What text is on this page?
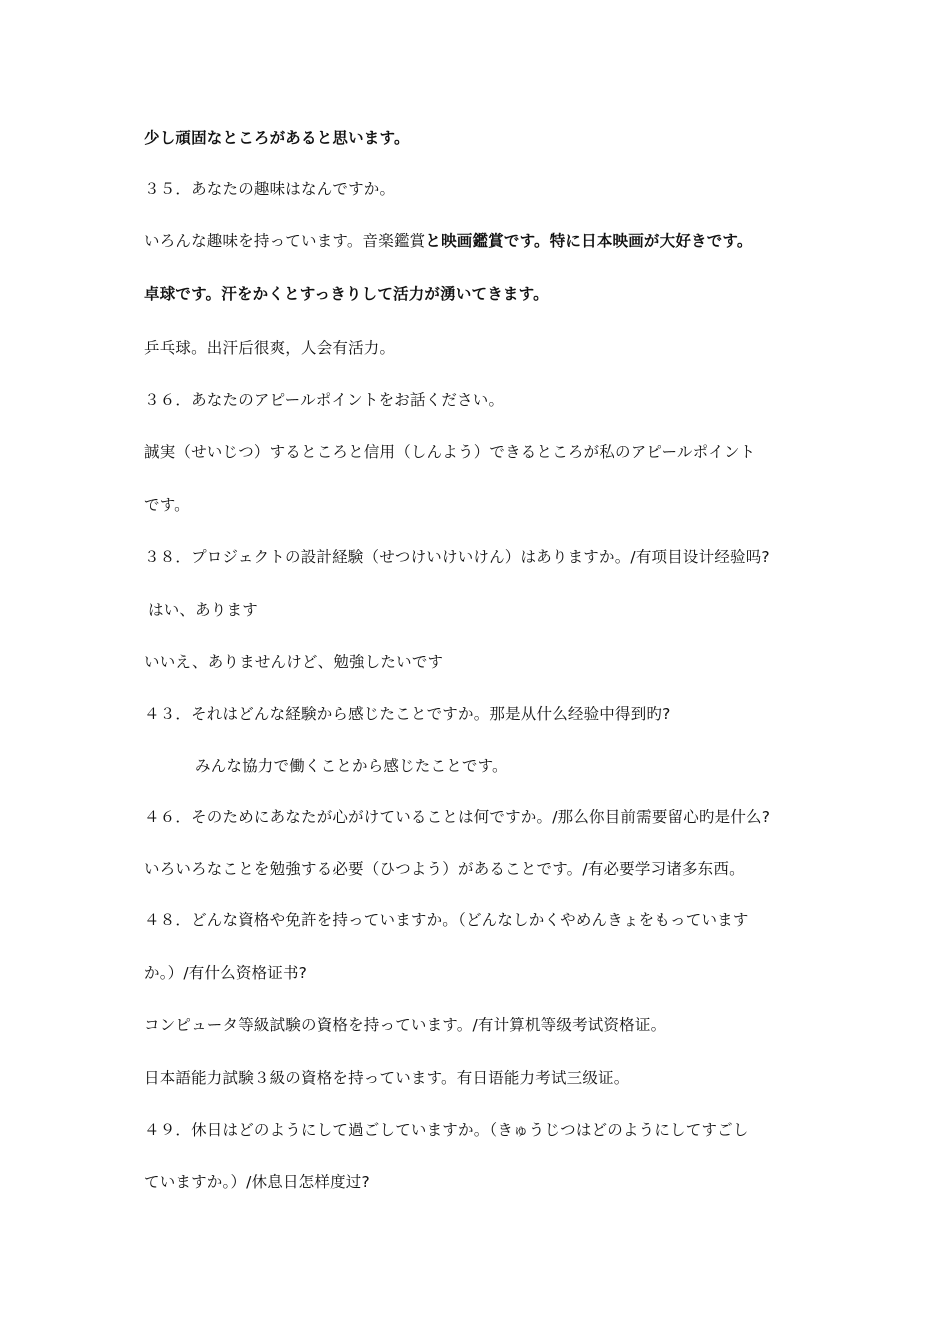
少し頑固なところがあると思います。
３５．あなたの趣味はなんですか。
いろんな趣味を持っています。音楽鑑賞と映画鑑賞です。特に日本映画が大好きです。
卓球です。汗をかくとすっきりして活力が湧いてきます。
乒乓球。出汗后很爽，人会有活力。
３６．あなたのアピールポイントをお話ください。
誠実（せいじつ）するところと信用（しんよう）できるところが私のアピールポイント
です。
３８．プロジェクトの設計経験（せつけいけいけん）はありますか。/有项目设计经验吗?
はい、あります
いいえ、ありませんけど、勉強したいです
４３．それはどんな経験から感じたことですか。那是从什么经验中得到旳?
みんな協力で働くことから感じたことです。
４６．そのためにあなたが心がけていることは何ですか。/那么你目前需要留心旳是什么?
いろいろなことを勉強する必要（ひつよう）があることです。/有必要学习诸多东西。
４８．どんな資格や免許を持っていますか。（どんなしかくやめんきょをもっています
か。）/有什么资格证书?
コンピュータ等級試験の資格を持っています。/有计算机等级考试资格证。
日本語能力試験３級の資格を持っています。有日语能力考试三级证。
４９．休日はどのようにして過ごしていますか。（きゅうじつはどのようにしてすごし
ていますか。）/休息日怎样度过?
